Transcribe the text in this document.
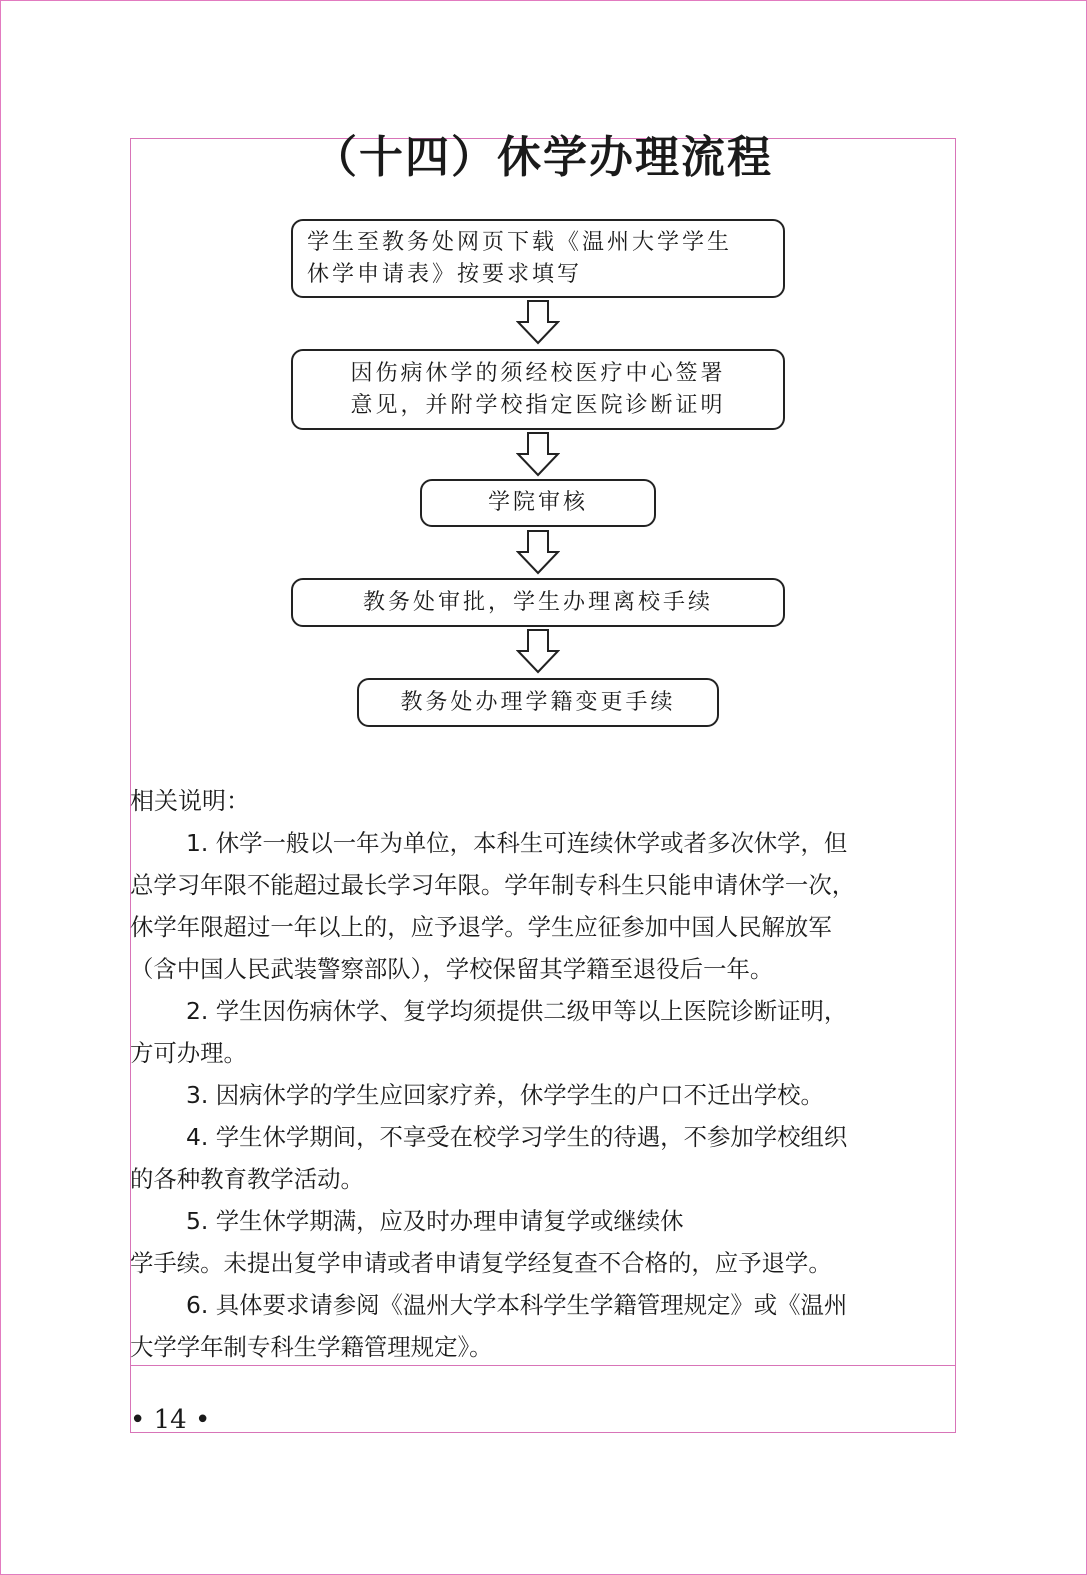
（十四）休学办理流程
学生至教务处网页下载《温州大学学生
休学申请表》按要求填写
因伤病休学的须经校医疗中心签署
意见，并附学校指定医院诊断证明
学院审核
教务处审批，学生办理离校手续
教务处办理学籍变更手续

相关说明：

1. 休学一般以一年为单位，本科生可连续休学或者多次休学，但
总学习年限不能超过最长学习年限。学年制专科生只能申请休学一次，
休学年限超过一年以上的，应予退学。学生应征参加中国人民解放军
（含中国人民武装警察部队），学校保留其学籍至退役后一年。
2. 学生因伤病休学、复学均须提供二级甲等以上医院诊断证明，
方可办理。
3. 因病休学的学生应回家疗养，休学学生的户口不迁出学校。
4. 学生休学期间，不享受在校学习学生的待遇，不参加学校组织
的各种教育教学活动。
5. 学生休学期满，应及时办理申请复学或继续休
学手续。未提出复学申请或者申请复学经复查不合格的，应予退学。
6. 具体要求请参阅《温州大学本科学生学籍管理规定》或《温州
大学学年制专科生学籍管理规定》。
• 14 •
